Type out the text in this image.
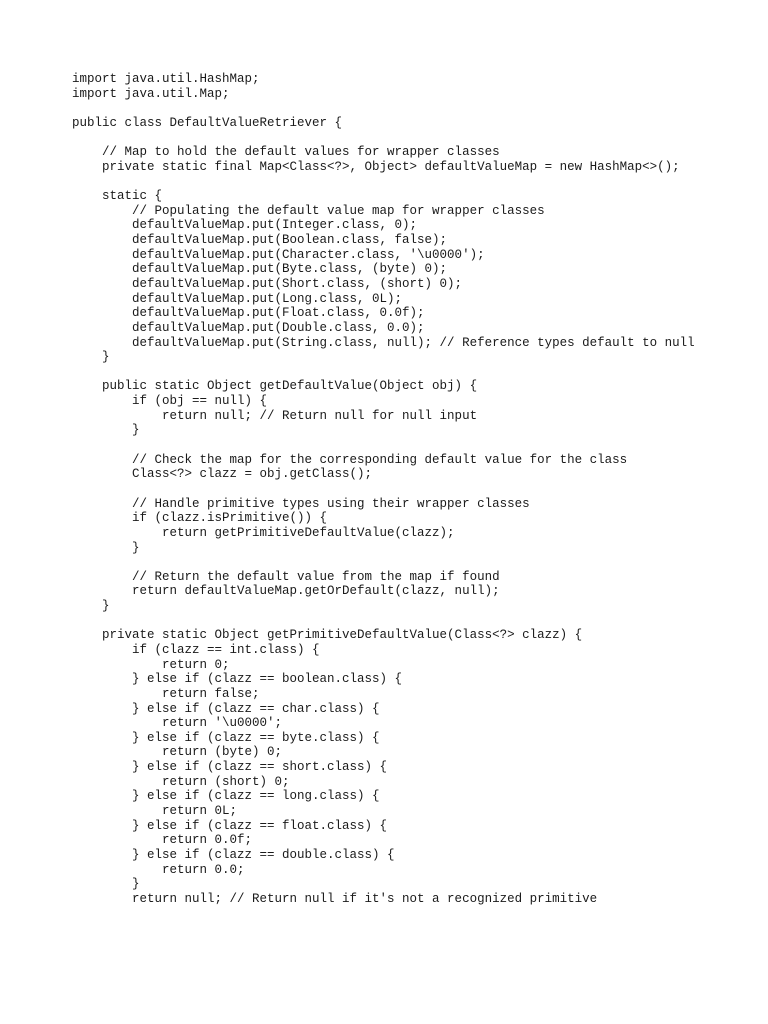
import java.util.HashMap;
import java.util.Map;
public class DefaultValueRetriever {
// Map to hold the default values for wrapper classes
private static final Map<Class<?>, Object> defaultValueMap = new HashMap<>();
static {
// Populating the default value map for wrapper classes
defaultValueMap.put(Integer.class, 0);
defaultValueMap.put(Boolean.class, false);
defaultValueMap.put(Character.class, '\u0000');
defaultValueMap.put(Byte.class, (byte) 0);
defaultValueMap.put(Short.class, (short) 0);
defaultValueMap.put(Long.class, 0L);
defaultValueMap.put(Float.class, 0.0f);
defaultValueMap.put(Double.class, 0.0);
defaultValueMap.put(String.class, null); // Reference types default to null
}
public static Object getDefaultValue(Object obj) {
if (obj == null) {
return null; // Return null for null input
}
// Check the map for the corresponding default value for the class
Class<?> clazz = obj.getClass();
// Handle primitive types using their wrapper classes
if (clazz.isPrimitive()) {
return getPrimitiveDefaultValue(clazz);
}
// Return the default value from the map if found
return defaultValueMap.getOrDefault(clazz, null);
}
private static Object getPrimitiveDefaultValue(Class<?> clazz) {
if (clazz == int.class) {
return 0;
} else if (clazz == boolean.class) {
return false;
} else if (clazz == char.class) {
return '\u0000';
} else if (clazz == byte.class) {
return (byte) 0;
} else if (clazz == short.class) {
return (short) 0;
} else if (clazz == long.class) {
return 0L;
} else if (clazz == float.class) {
return 0.0f;
} else if (clazz == double.class) {
return 0.0;
}
return null; // Return null if it's not a recognized primitive
